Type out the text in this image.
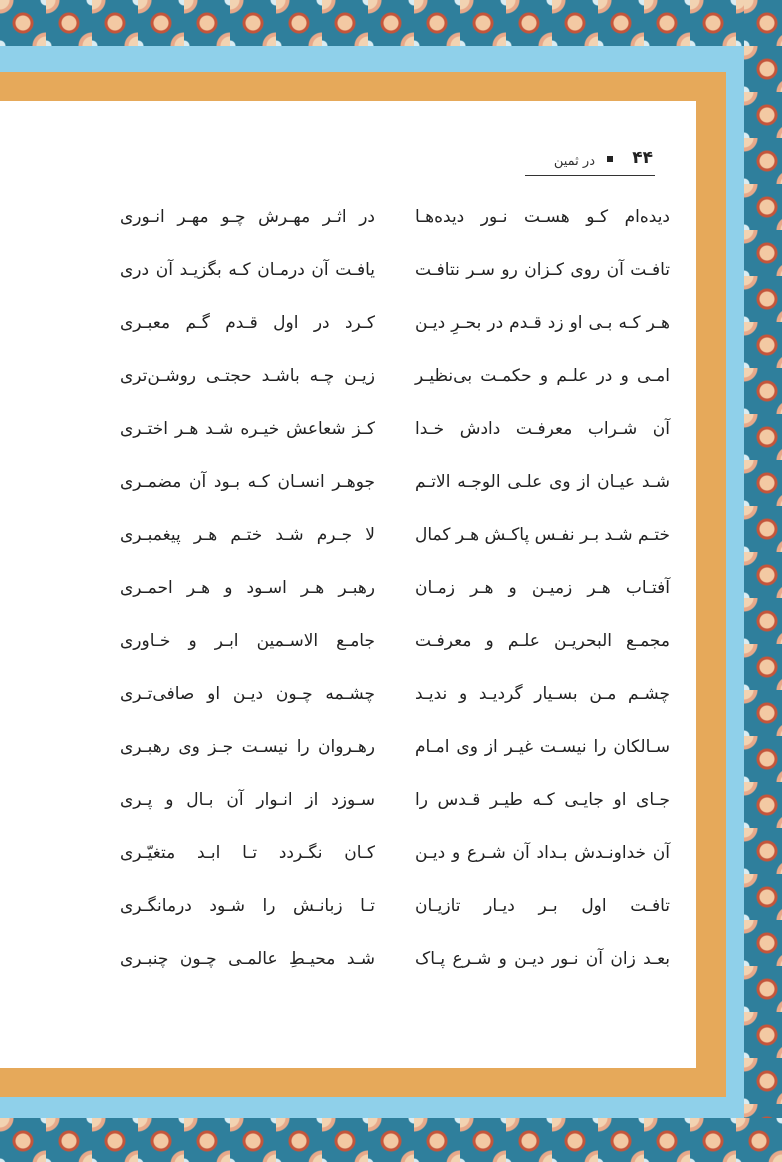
۴۴
در ثمین
دیده‌ام کـو هسـت نـور دیده‌هـا
در اثـر مهـرش چـو مهـر انـوری
تافـت آن روی کـزان رو سـر نتافـت
یافـت آن درمـان کـه بگزیـد آن دری
هـر کـه بـی او زد قـدم در بحـرِ دیـن
کـرد در اول قـدم گـم معبـری
امـی و در علـم و حکمـت بی‌نظیـر
زیـن چـه باشـد حجتـی روشـن‌تری
آن شـراب معرفـت دادش خـدا
کـز شعاعش خیـره شـد هـر اختـری
شـد عیـان از وی علـی الوجـه الاتـم
جوهـر انسـان کـه بـود آن مضمـری
ختـم شـد بـر نفـس پاکـش هـر کمال
لا جـرم شـد ختـم هـر پیغمبـری
آفتـاب هـر زمیـن و هـر زمـان
رهبـر هـر اسـود و هـر احمـری
مجمـع البحریـن علـم و معرفـت
جامـع الاسـمین ابـر و خـاوری
چشـم مـن بسـیار گردیـد و ندیـد
چشـمه چـون دیـن او صافی‌تـری
سـالکان را نیسـت غیـر از وی امـام
رهـروان را نیسـت جـز وی رهبـری
جـای او جایـی کـه طیـر قـدس را
سـوزد از انـوار آن بـال و پـری
آن خداونـدش بـداد آن شـرع و دیـن
کـان نگـردد تـا ابـد متغیّـری
تافـت اول بـر دیـار تازیـان
تـا زبانـش را شـود درمانگـری
بعـد زان آن نـور دیـن و شـرع پـاک
شـد محیـطِ عالمـی چـون چنبـری
